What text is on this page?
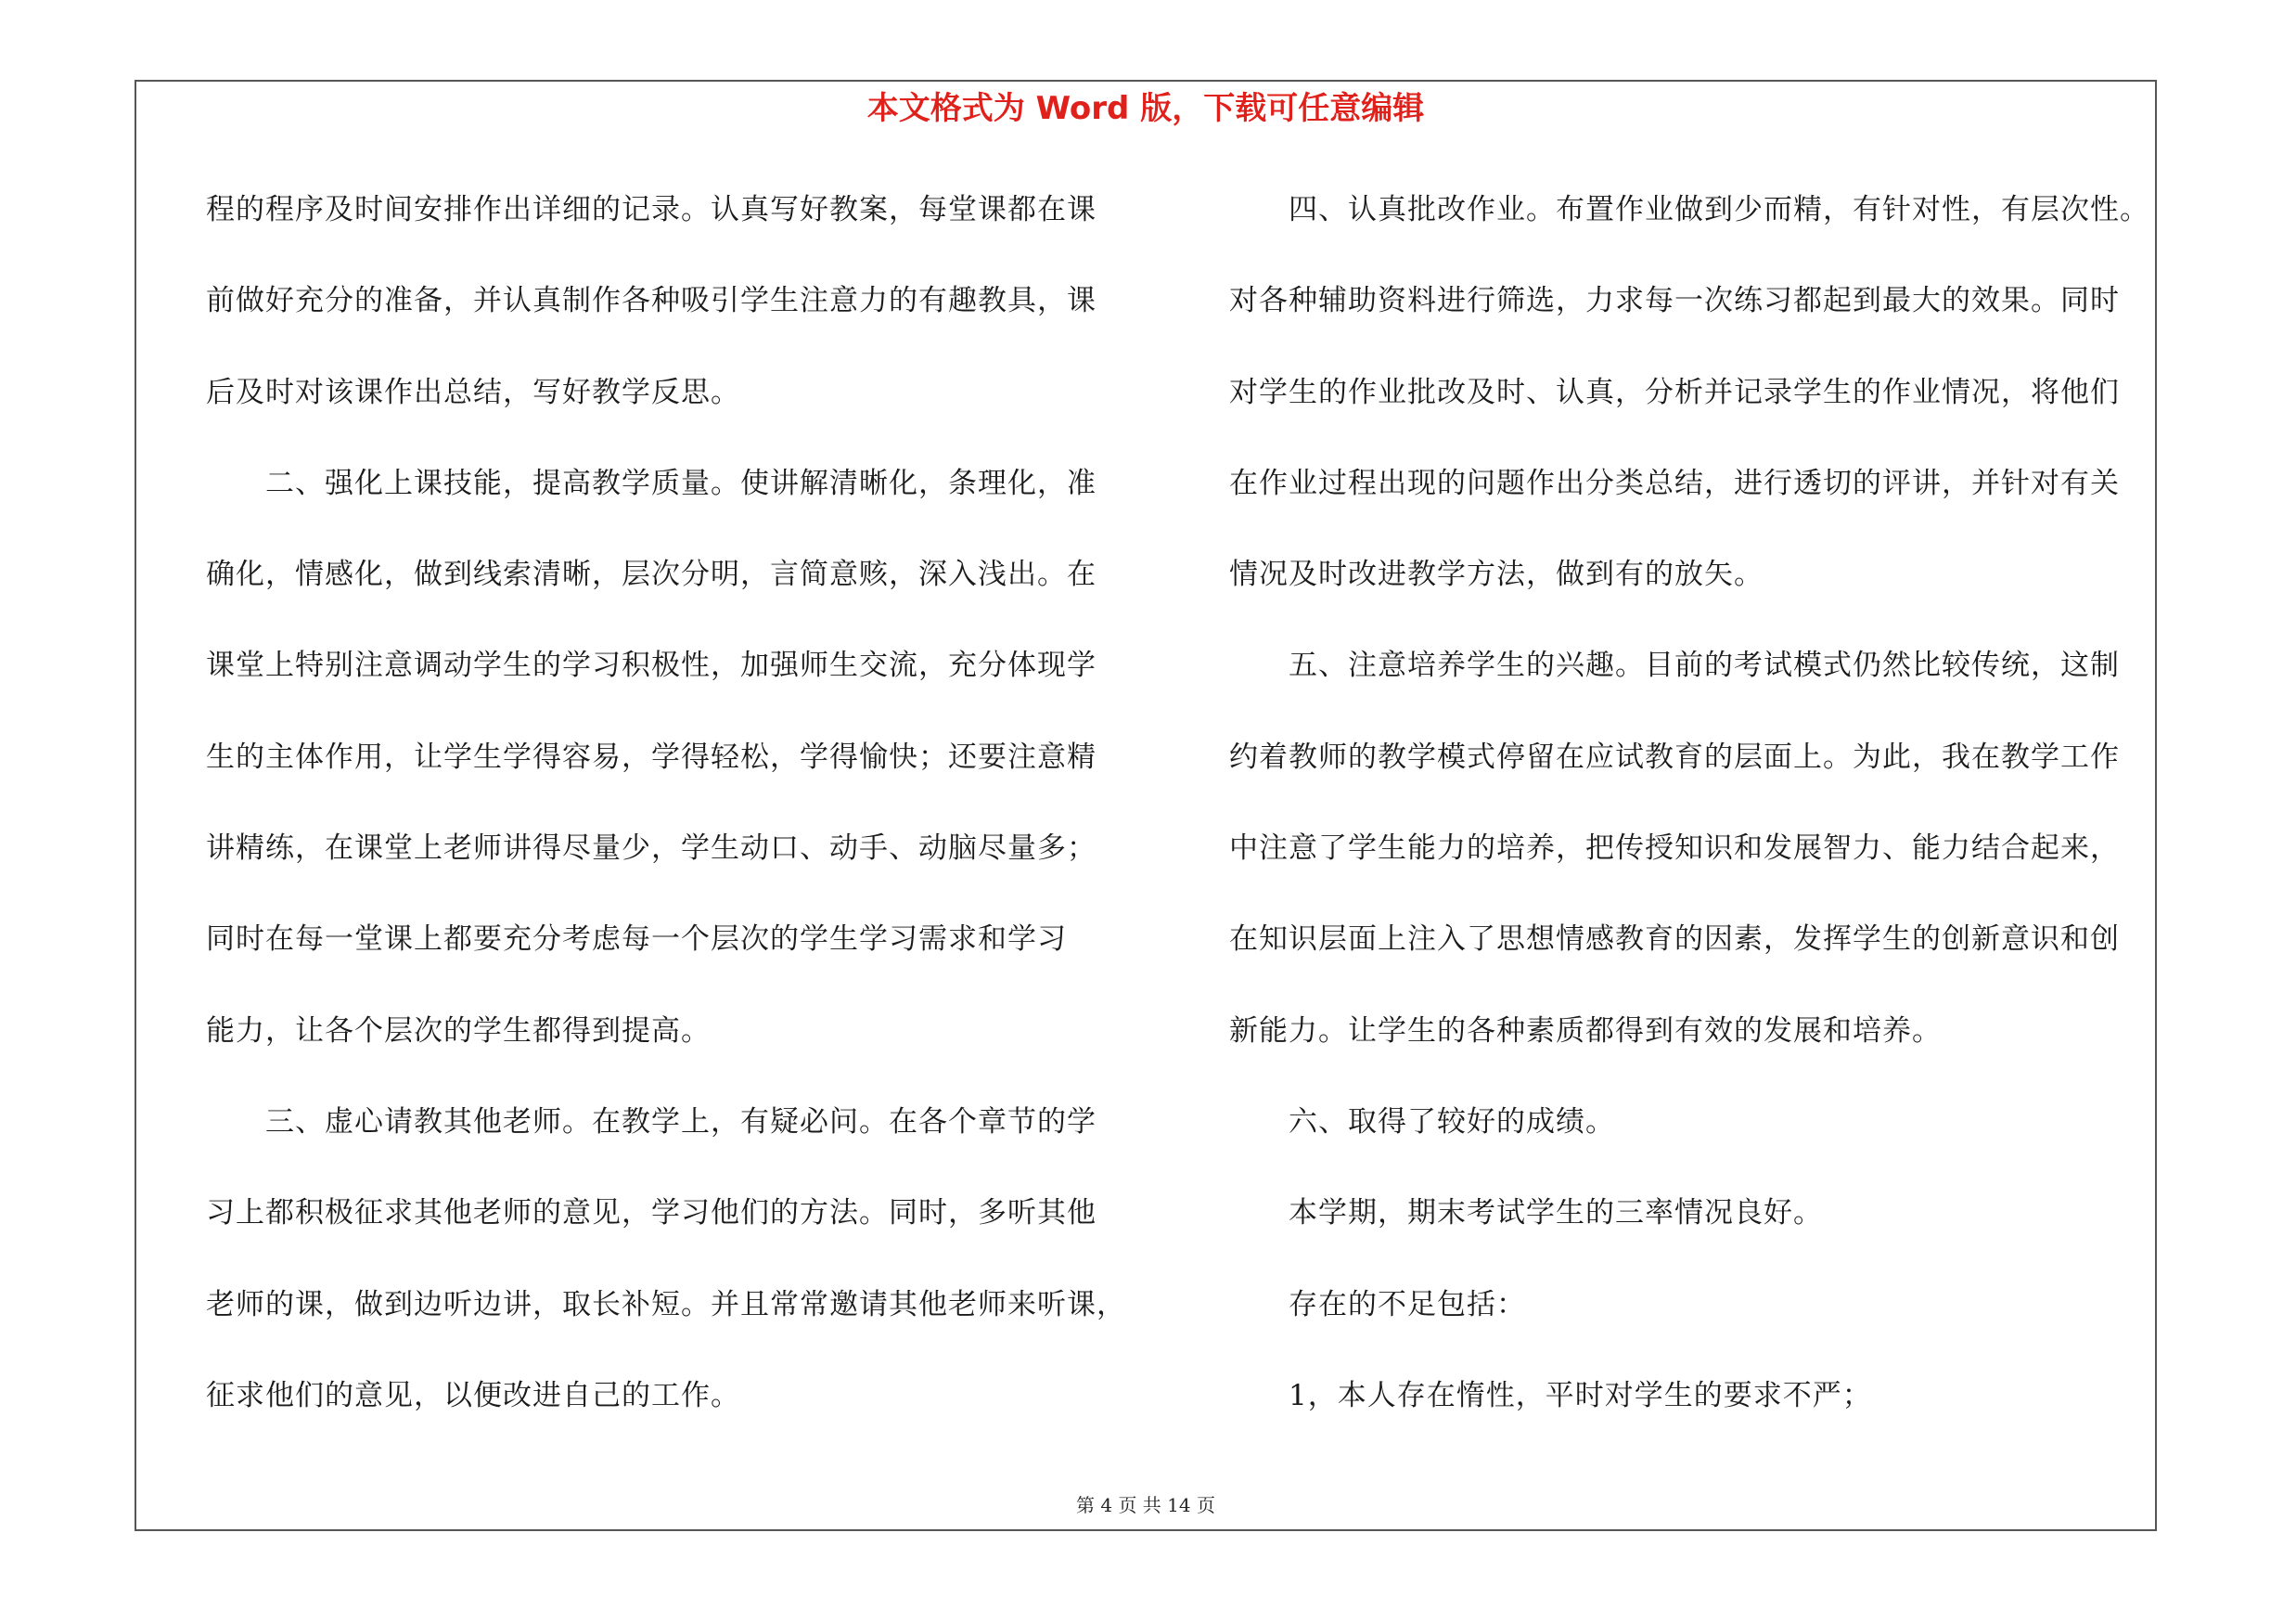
本文格式为 Word 版，下载可任意编辑
程的程序及时间安排作出详细的记录。认真写好教案，每堂课都在课
前做好充分的准备，并认真制作各种吸引学生注意力的有趣教具，课
后及时对该课作出总结，写好教学反思。
　　二、强化上课技能，提高教学质量。使讲解清晰化，条理化，准
确化，情感化，做到线索清晰，层次分明，言简意赅，深入浅出。在
课堂上特别注意调动学生的学习积极性，加强师生交流，充分体现学
生的主体作用，让学生学得容易，学得轻松，学得愉快；还要注意精
讲精练，在课堂上老师讲得尽量少，学生动口、动手、动脑尽量多；
同时在每一堂课上都要充分考虑每一个层次的学生学习需求和学习
能力，让各个层次的学生都得到提高。
　　三、虚心请教其他老师。在教学上，有疑必问。在各个章节的学
习上都积极征求其他老师的意见，学习他们的方法。同时，多听其他
老师的课，做到边听边讲，取长补短。并且常常邀请其他老师来听课，
征求他们的意见，以便改进自己的工作。
　　四、认真批改作业。布置作业做到少而精，有针对性，有层次性。
对各种辅助资料进行筛选，力求每一次练习都起到最大的效果。同时
对学生的作业批改及时、认真，分析并记录学生的作业情况，将他们
在作业过程出现的问题作出分类总结，进行透切的评讲，并针对有关
情况及时改进教学方法，做到有的放矢。
　　五、注意培养学生的兴趣。目前的考试模式仍然比较传统，这制
约着教师的教学模式停留在应试教育的层面上。为此，我在教学工作
中注意了学生能力的培养，把传授知识和发展智力、能力结合起来，
在知识层面上注入了思想情感教育的因素，发挥学生的创新意识和创
新能力。让学生的各种素质都得到有效的发展和培养。
　　六、取得了较好的成绩。
　　本学期，期末考试学生的三率情况良好。
　　存在的不足包括：
　　1，本人存在惰性，平时对学生的要求不严；
第 4 页 共 14 页
